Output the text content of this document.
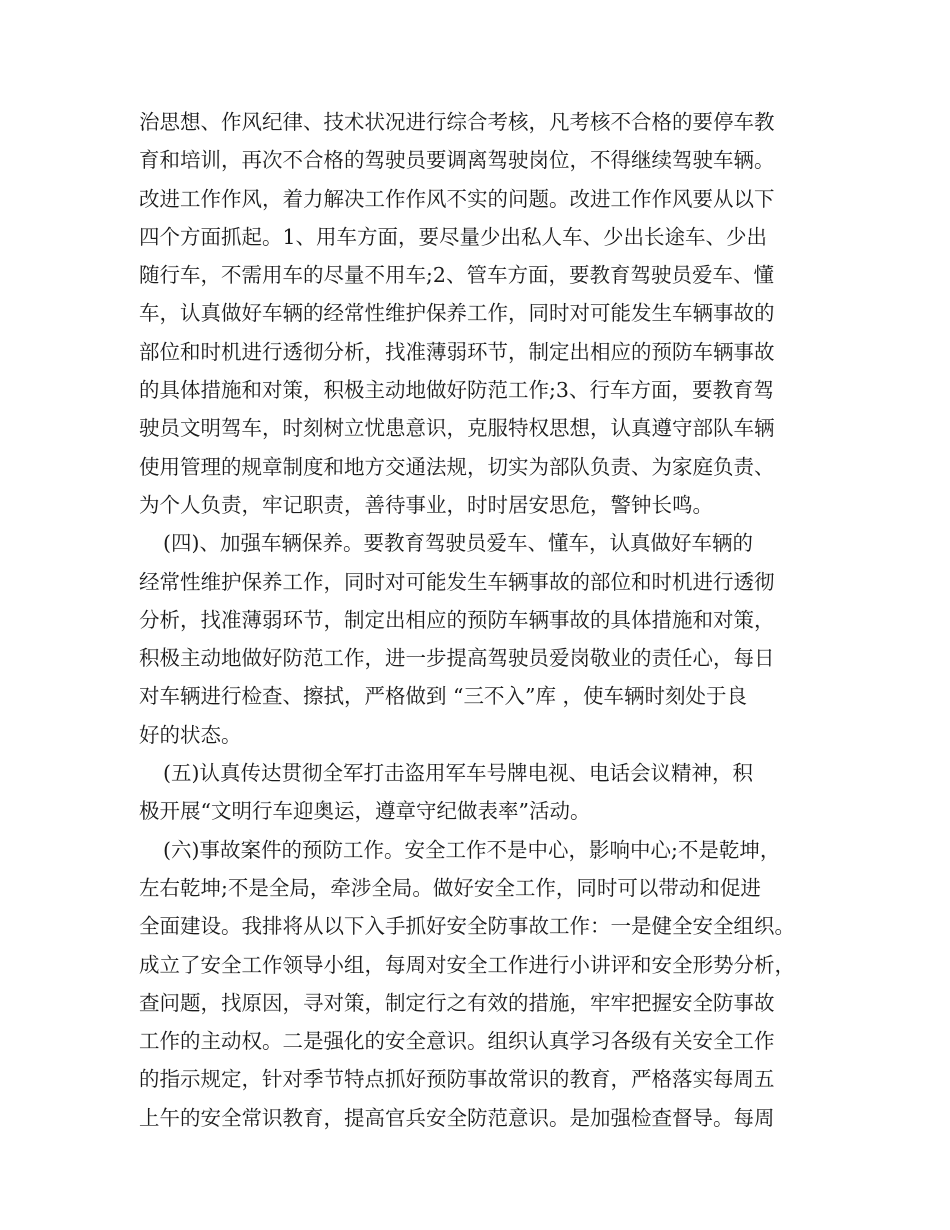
治思想、作风纪律、技术状况进行综合考核，凡考核不合格的要停车教
育和培训，再次不合格的驾驶员要调离驾驶岗位，不得继续驾驶车辆。
改进工作作风，着力解决工作作风不实的问题。改进工作作风要从以下
四个方面抓起。1、用车方面，要尽量少出私人车、少出长途车、少出
随行车，不需用车的尽量不用车;2、管车方面，要教育驾驶员爱车、懂
车，认真做好车辆的经常性维护保养工作，同时对可能发生车辆事故的
部位和时机进行透彻分析，找准薄弱环节，制定出相应的预防车辆事故
的具体措施和对策，积极主动地做好防范工作;3、行车方面，要教育驾
驶员文明驾车，时刻树立忧患意识，克服特权思想，认真遵守部队车辆
使用管理的规章制度和地方交通法规，切实为部队负责、为家庭负责、
为个人负责，牢记职责，善待事业，时时居安思危，警钟长鸣。
(四)、加强车辆保养。要教育驾驶员爱车、懂车，认真做好车辆的
经常性维护保养工作，同时对可能发生车辆事故的部位和时机进行透彻
分析，找准薄弱环节，制定出相应的预防车辆事故的具体措施和对策，
积极主动地做好防范工作，进一步提高驾驶员爱岗敬业的责任心，每日
对车辆进行检查、擦拭，严格做到 “三不入”库 ，使车辆时刻处于良
好的状态。
(五)认真传达贯彻全军打击盗用军车号牌电视、电话会议精神，积
极开展“文明行车迎奥运，遵章守纪做表率”活动。
(六)事故案件的预防工作。安全工作不是中心，影响中心;不是乾坤，
左右乾坤;不是全局，牵涉全局。做好安全工作，同时可以带动和促进
全面建设。我排将从以下入手抓好安全防事故工作：一是健全安全组织。
成立了安全工作领导小组，每周对安全工作进行小讲评和安全形势分析，
查问题，找原因，寻对策，制定行之有效的措施，牢牢把握安全防事故
工作的主动权。二是强化的安全意识。组织认真学习各级有关安全工作
的指示规定，针对季节特点抓好预防事故常识的教育，严格落实每周五
上午的安全常识教育，提高官兵安全防范意识。是加强检查督导。每周
